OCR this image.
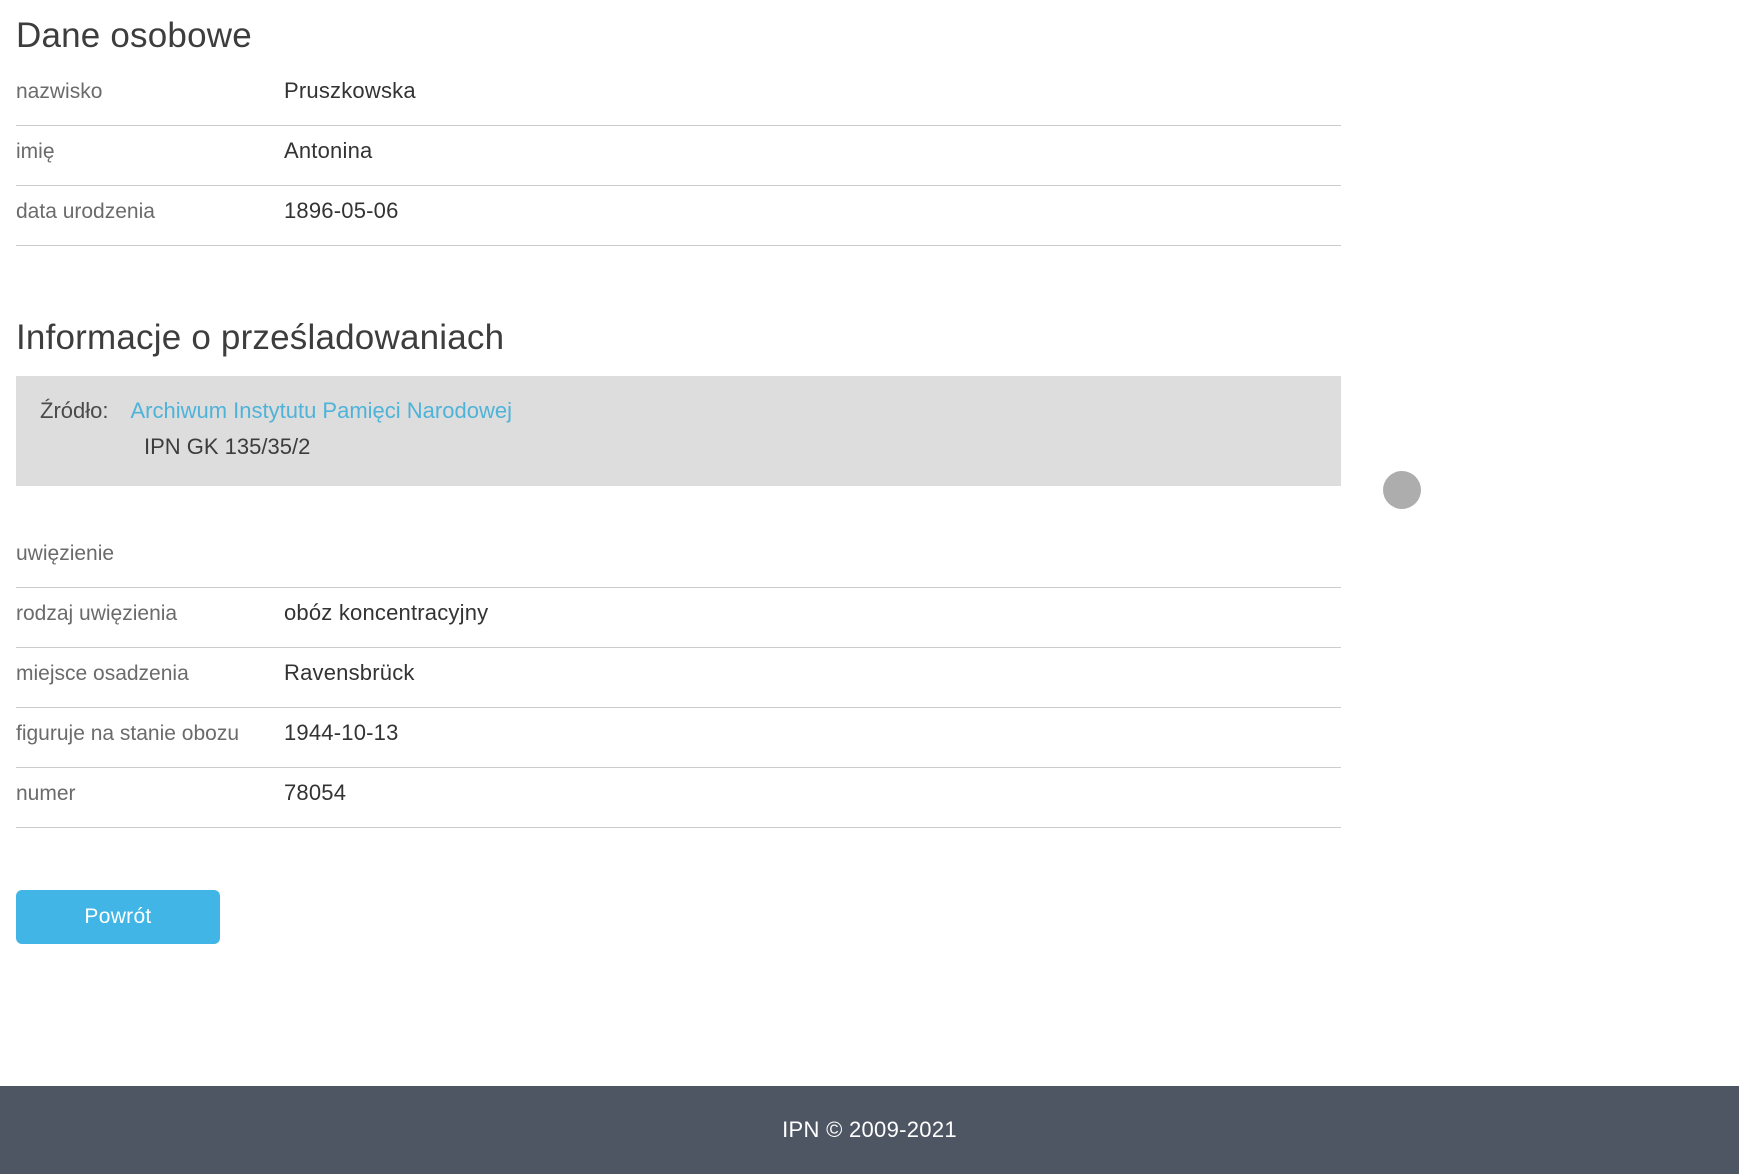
Dane osobowe
nazwisko	Pruszkowska
imię	Antonina
data urodzenia	1896-05-06
Informacje o prześladowaniach
Źródło: Archiwum Instytutu Pamięci Narodowej
IPN GK 135/35/2
uwięzienie
rodzaj uwięzienia	obóz koncentracyjny
miejsce osadzenia	Ravensbrück
figuruje na stanie obozu	1944-10-13
numer	78054
Powrót
IPN © 2009-2021
